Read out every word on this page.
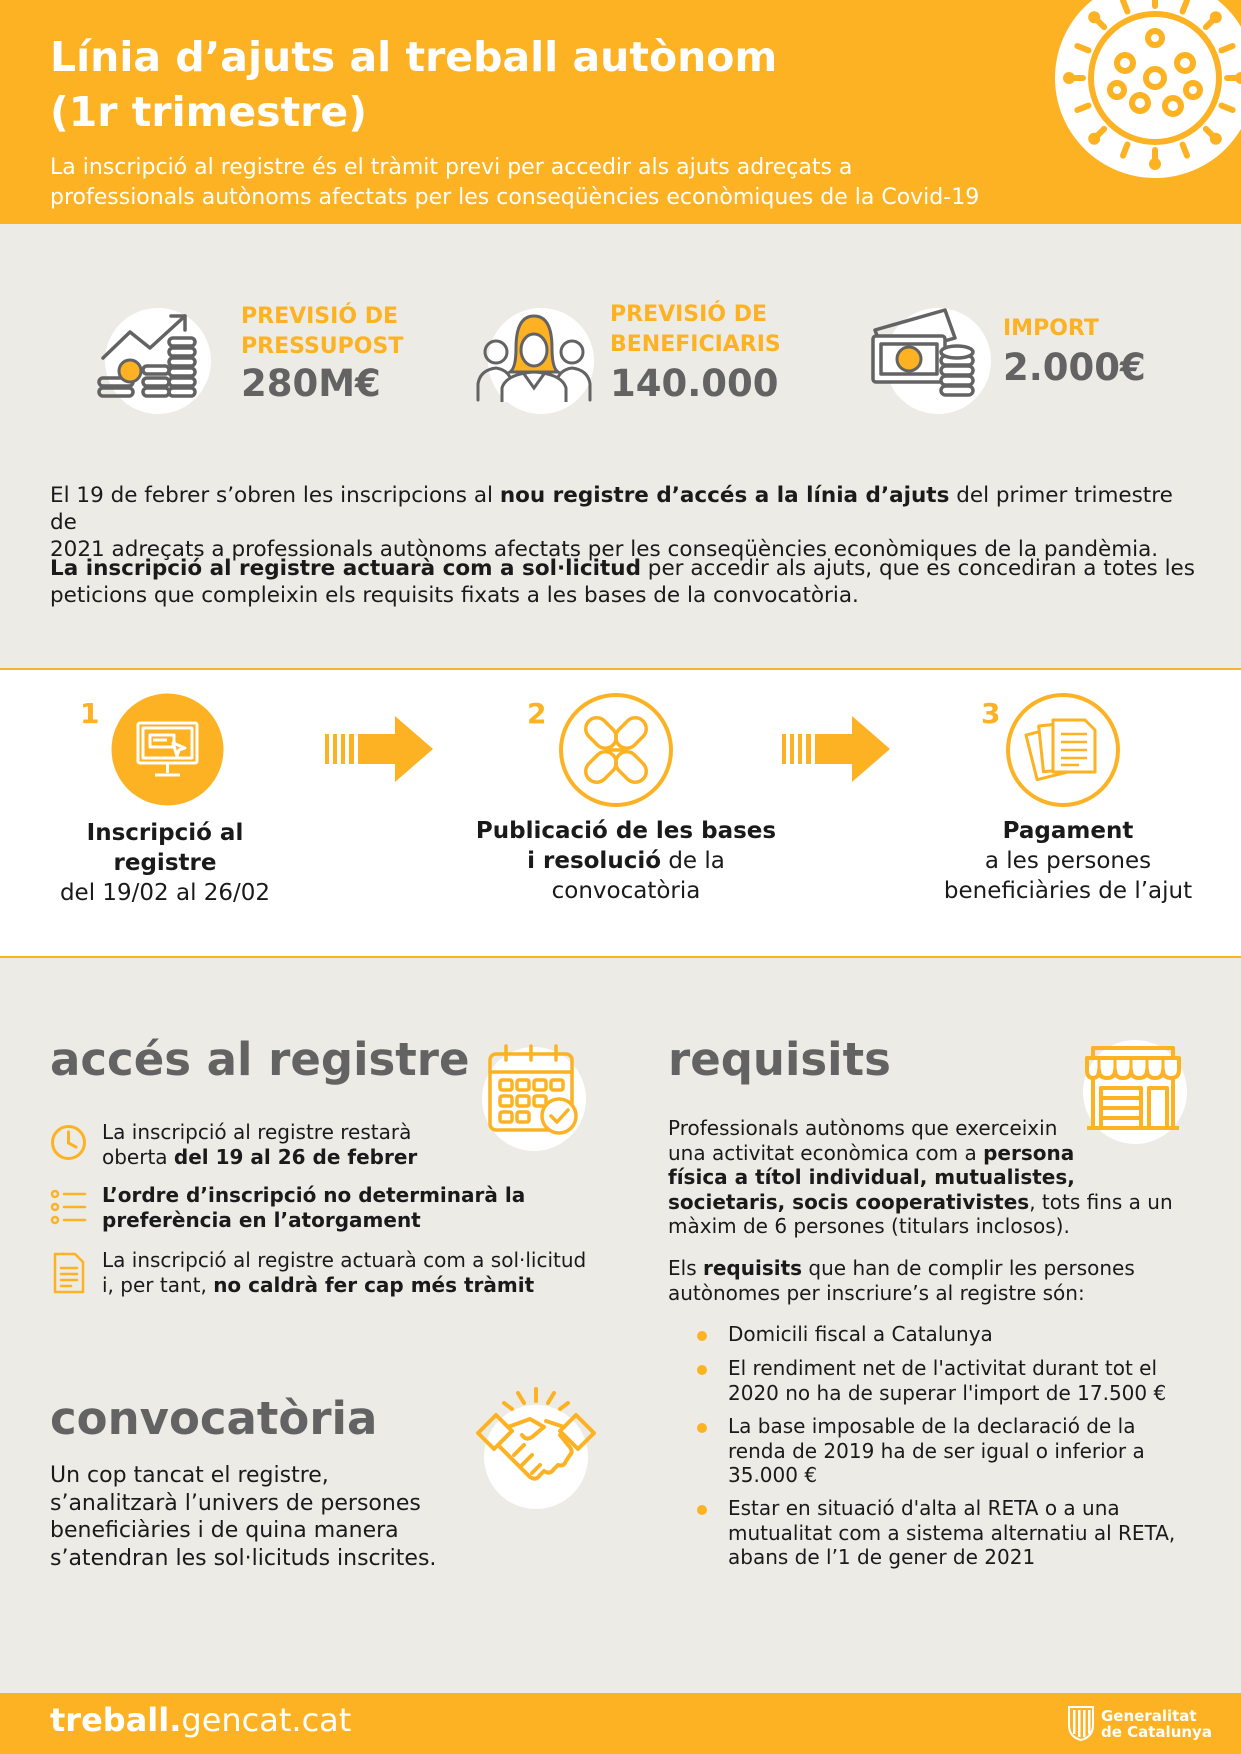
Línia d’ajuts al treball autònom
(1r trimestre)
La inscripció al registre és el tràmit previ per accedir als ajuts adreçats a
professionals autònoms afectats per les conseqüències econòmiques de la Covid-19
PREVISIÓ DE
PRESSUPOST
280M€
PREVISIÓ DE
BENEFICIARIS
140.000
IMPORT
2.000€
El 19 de febrer s’obren les inscripcions al nou registre d’accés a la línia d’ajuts del primer trimestre de
2021 adreçats a professionals autònoms afectats per les conseqüències econòmiques de la pandèmia.
La inscripció al registre actuarà com a sol·licitud per accedir als ajuts, que es concediran a totes les
peticions que compleixin els requisits fixats a les bases de la convocatòria.
1
Inscripció al
registre
del 19/02 al 26/02
2
Publicació de les bases
i resolució de la
convocatòria
3
Pagament
a les persones
beneficiàries de l’ajut
accés al registre
La inscripció al registre restarà
oberta del 19 al 26 de febrer
L’ordre d’inscripció no determinarà la
preferència en l’atorgament
La inscripció al registre actuarà com a sol·licitud
i, per tant, no caldrà fer cap més tràmit
convocatòria
Un cop tancat el registre,
s’analitzarà l’univers de persones
beneficiàries i de quina manera
s’atendran les sol·licituds inscrites.
requisits
Professionals autònoms que exerceixin
una activitat econòmica com a persona
física a títol individual, mutualistes,
societaris, socis cooperativistes, tots fins a un
màxim de 6 persones (titulars inclosos).
Els requisits que han de complir les persones
autònomes per inscriure’s al registre són:
Domicili fiscal a Catalunya
El rendiment net de l'activitat durant tot el
2020 no ha de superar l'import de 17.500 €
La base imposable de la declaració de la
renda de 2019 ha de ser igual o inferior a
35.000 €
Estar en situació d'alta al RETA o a una
mutualitat com a sistema alternatiu al RETA,
abans de l’1 de gener de 2021
treball.gencat.cat	Generalitat
de Catalunya
